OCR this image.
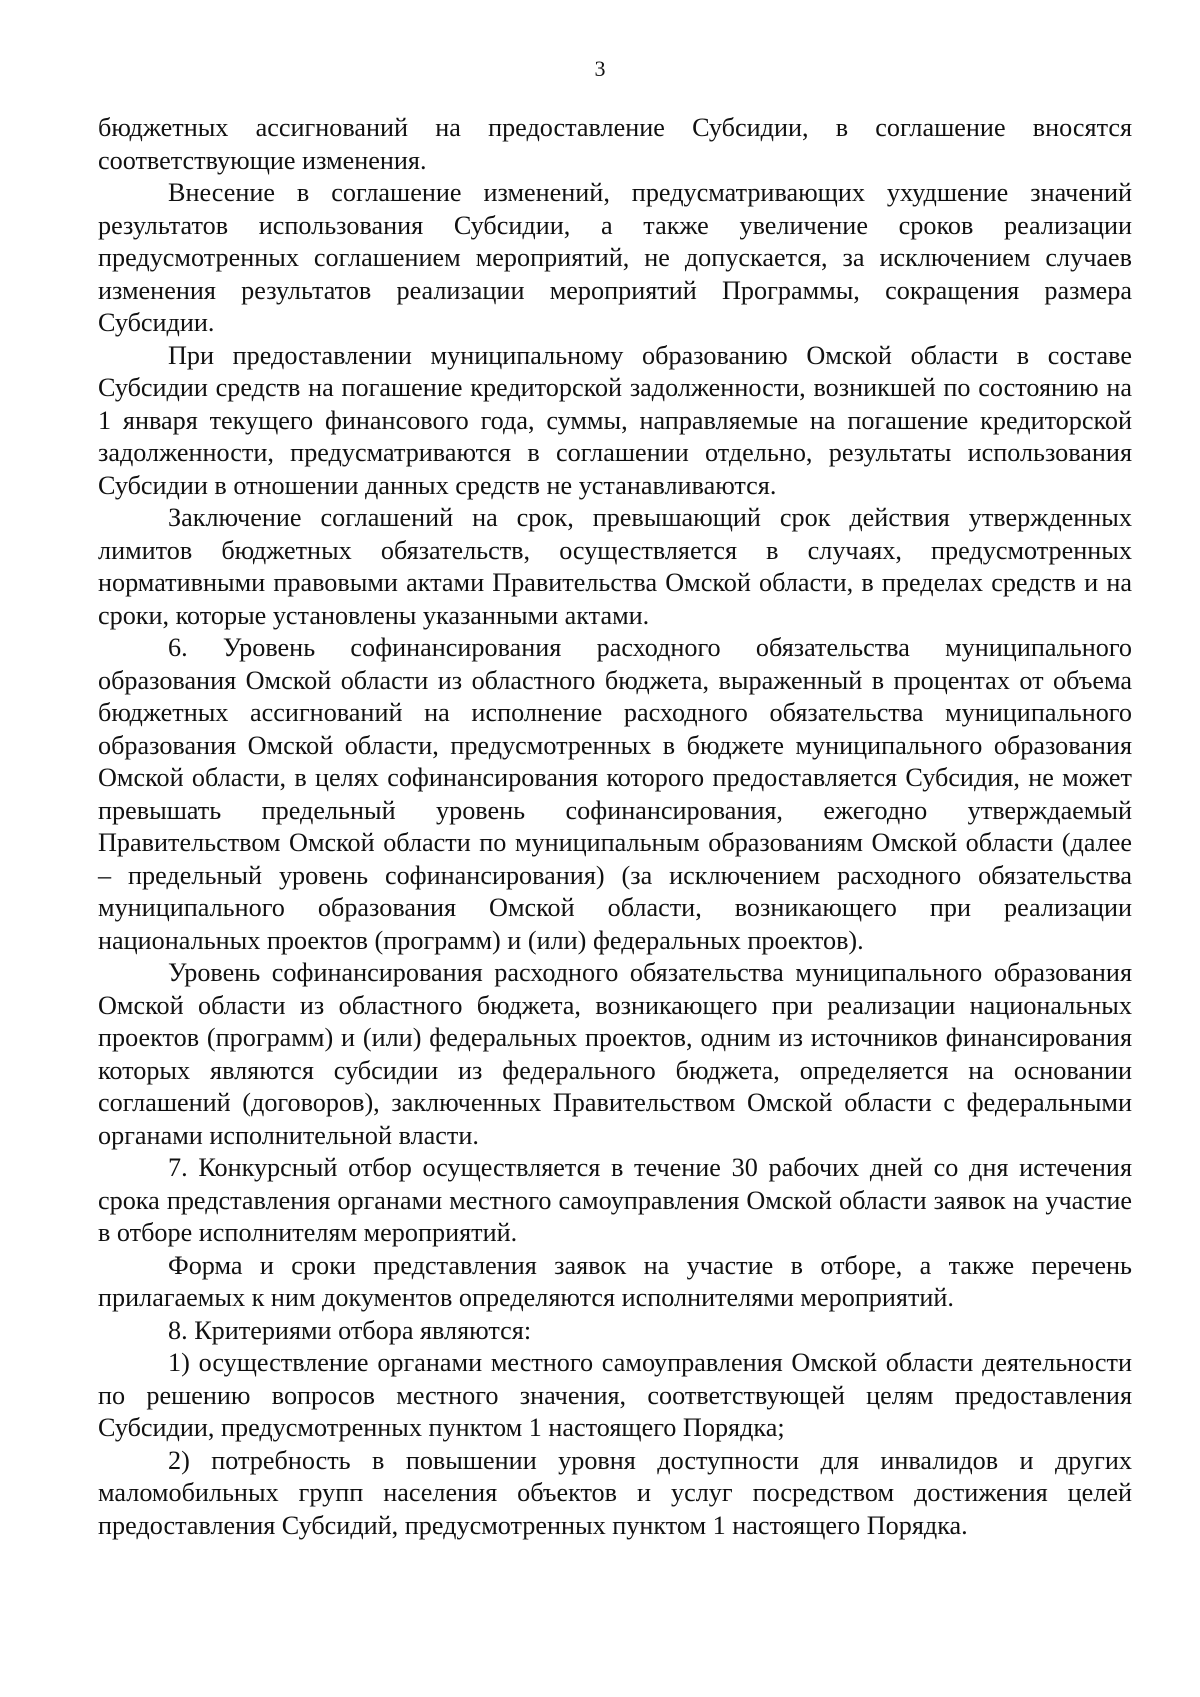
3

бюджетных ассигнований на предоставление Субсидии, в соглашение вносятся соответствующие изменения.

Внесение в соглашение изменений, предусматривающих ухудшение значений результатов использования Субсидии, а также увеличение сроков реализации предусмотренных соглашением мероприятий, не допускается, за исключением случаев изменения результатов реализации мероприятий Программы, сокращения размера Субсидии.

При предоставлении муниципальному образованию Омской области в составе Субсидии средств на погашение кредиторской задолженности, возникшей по состоянию на 1 января текущего финансового года, суммы, направляемые на погашение кредиторской задолженности, предусматриваются в соглашении отдельно, результаты использования Субсидии в отношении данных средств не устанавливаются.

Заключение соглашений на срок, превышающий срок действия утвержденных лимитов бюджетных обязательств, осуществляется в случаях, предусмотренных нормативными правовыми актами Правительства Омской области, в пределах средств и на сроки, которые установлены указанными актами.

6. Уровень софинансирования расходного обязательства муниципального образования Омской области из областного бюджета, выраженный в процентах от объема бюджетных ассигнований на исполнение расходного обязательства муниципального образования Омской области, предусмотренных в бюджете муниципального образования Омской области, в целях софинансирования которого предоставляется Субсидия, не может превышать предельный уровень софинансирования, ежегодно утверждаемый Правительством Омской области по муниципальным образованиям Омской области (далее – предельный уровень софинансирования) (за исключением расходного обязательства муниципального образования Омской области, возникающего при реализации национальных проектов (программ) и (или) федеральных проектов).

Уровень софинансирования расходного обязательства муниципального образования Омской области из областного бюджета, возникающего при реализации национальных проектов (программ) и (или) федеральных проектов, одним из источников финансирования которых являются субсидии из федерального бюджета, определяется на основании соглашений (договоров), заключенных Правительством Омской области с федеральными органами исполнительной власти.

7. Конкурсный отбор осуществляется в течение 30 рабочих дней со дня истечения срока представления органами местного самоуправления Омской области заявок на участие в отборе исполнителям мероприятий.

Форма и сроки представления заявок на участие в отборе, а также перечень прилагаемых к ним документов определяются исполнителями мероприятий.

8. Критериями отбора являются:

1) осуществление органами местного самоуправления Омской области деятельности по решению вопросов местного значения, соответствующей целям предоставления Субсидии, предусмотренных пунктом 1 настоящего Порядка;

2) потребность в повышении уровня доступности для инвалидов и других маломобильных групп населения объектов и услуг посредством достижения целей предоставления Субсидий, предусмотренных пунктом 1 настоящего Порядка.
